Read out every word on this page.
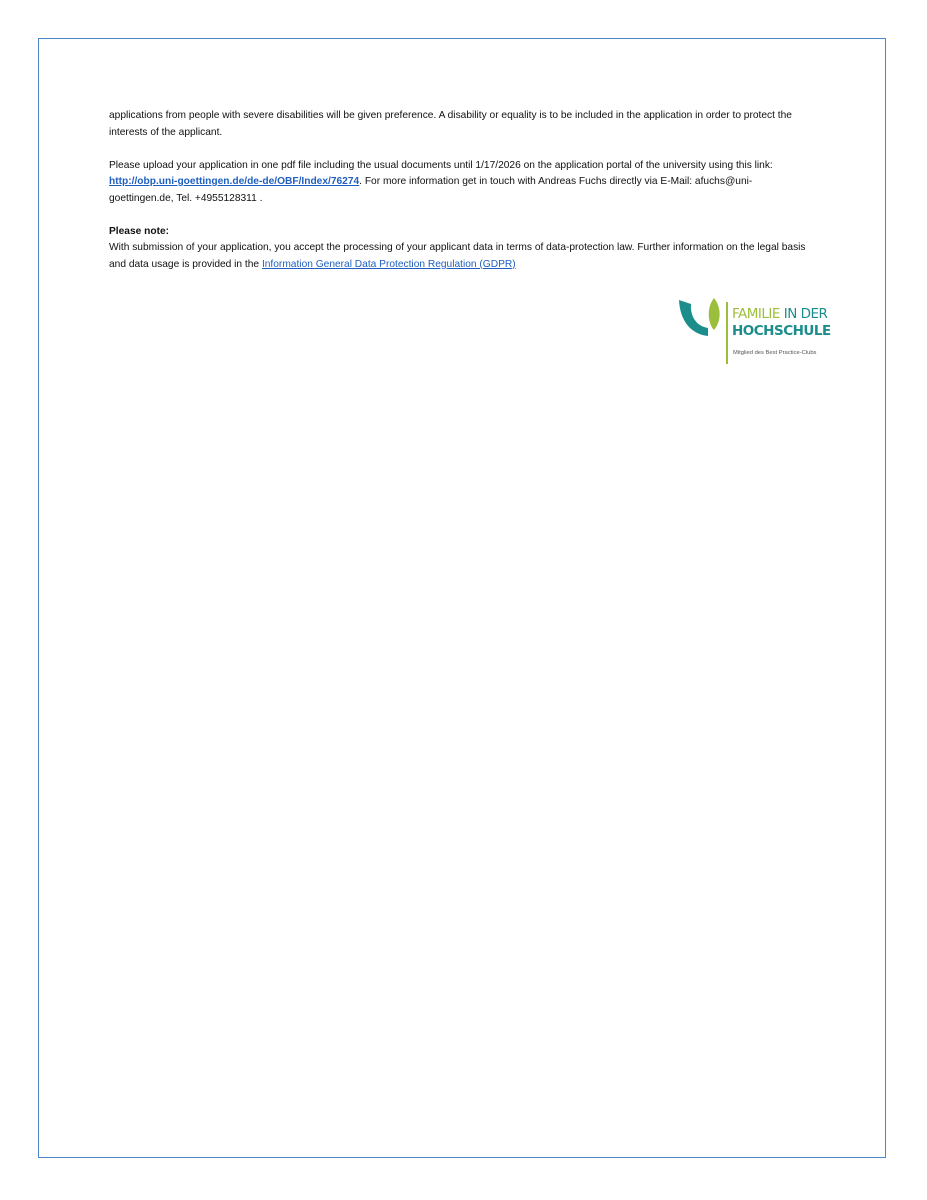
applications from people with severe disabilities will be given preference. A disability or equality is to be included in the application in order to protect the interests of the applicant.

Please upload your application in one pdf file including the usual documents until 1/17/2026 on the application portal of the university using this link: http://obp.uni-goettingen.de/de-de/OBF/Index/76274. For more information get in touch with Andreas Fuchs directly via E-Mail: afuchs@uni-goettingen.de, Tel. +4955128311 .

Please note:
With submission of your application, you accept the processing of your applicant data in terms of data-protection law. Further information on the legal basis and data usage is provided in the Information General Data Protection Regulation (GDPR)

FAMILIE IN DER
HOCHSCHULE
Mitglied des Best Practice-Clubs
